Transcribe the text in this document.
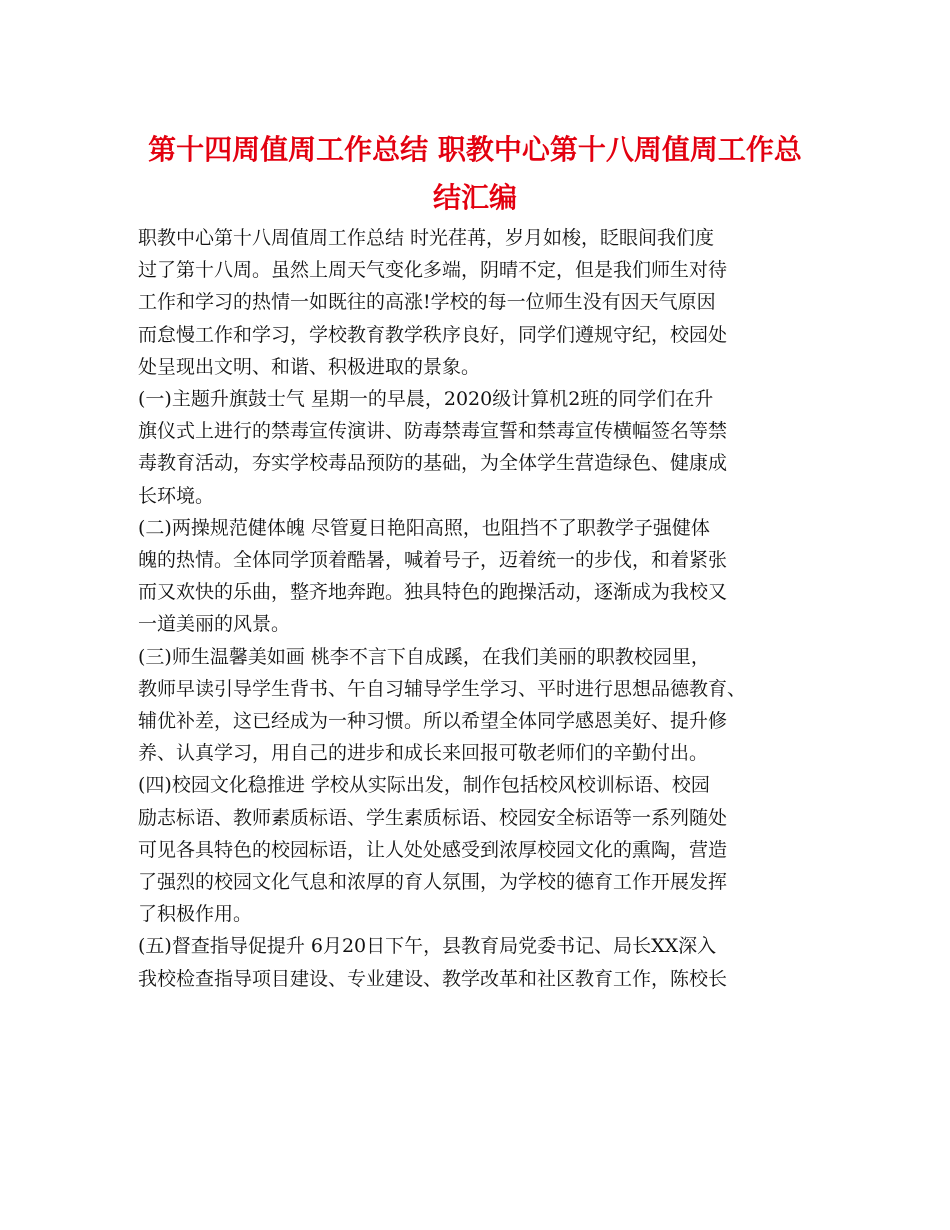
第十四周值周工作总结 职教中心第十八周值周工作总
结汇编
职教中心第十八周值周工作总结 时光荏苒，岁月如梭，眨眼间我们度
过了第十八周。虽然上周天气变化多端，阴晴不定，但是我们师生对待
工作和学习的热情一如既往的高涨!学校的每一位师生没有因天气原因
而怠慢工作和学习，学校教育教学秩序良好，同学们遵规守纪，校园处
处呈现出文明、和谐、积极进取的景象。
(一)主题升旗鼓士气 星期一的早晨，2020级计算机2班的同学们在升
旗仪式上进行的禁毒宣传演讲、防毒禁毒宣誓和禁毒宣传横幅签名等禁
毒教育活动，夯实学校毒品预防的基础，为全体学生营造绿色、健康成
长环境。
(二)两操规范健体魄 尽管夏日艳阳高照，也阻挡不了职教学子强健体
魄的热情。全体同学顶着酷暑，喊着号子，迈着统一的步伐，和着紧张
而又欢快的乐曲，整齐地奔跑。独具特色的跑操活动，逐渐成为我校又
一道美丽的风景。
(三)师生温馨美如画 桃李不言下自成蹊，在我们美丽的职教校园里，
教师早读引导学生背书、午自习辅导学生学习、平时进行思想品德教育、
辅优补差，这已经成为一种习惯。所以希望全体同学感恩美好、提升修
养、认真学习，用自己的进步和成长来回报可敬老师们的辛勤付出。
(四)校园文化稳推进 学校从实际出发，制作包括校风校训标语、校园
励志标语、教师素质标语、学生素质标语、校园安全标语等一系列随处
可见各具特色的校园标语，让人处处感受到浓厚校园文化的熏陶，营造
了强烈的校园文化气息和浓厚的育人氛围，为学校的德育工作开展发挥
了积极作用。
(五)督查指导促提升 6月20日下午，县教育局党委书记、局长XX深入
我校检查指导项目建设、专业建设、教学改革和社区教育工作，陈校长
